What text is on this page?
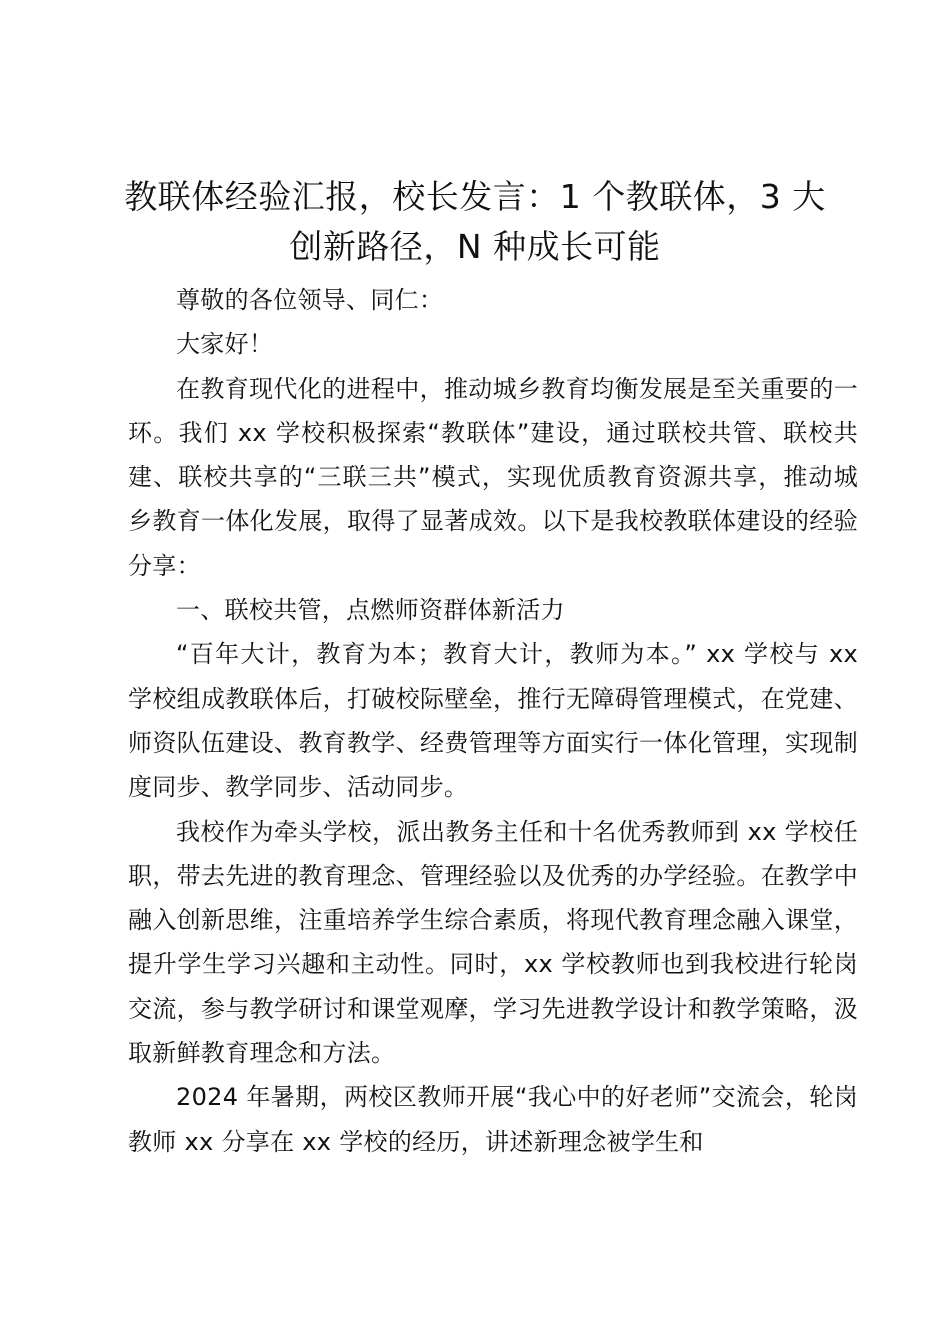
教联体经验汇报，校长发言：1 个教联体，3 大创新路径，N 种成长可能

尊敬的各位领导、同仁：

大家好！

在教育现代化的进程中，推动城乡教育均衡发展是至关重要的一环。我们 xx 学校积极探索“教联体”建设，通过联校共管、联校共建、联校共享的“三联三共”模式，实现优质教育资源共享，推动城乡教育一体化发展，取得了显著成效。以下是我校教联体建设的经验分享：

一、联校共管，点燃师资群体新活力

“百年大计，教育为本；教育大计，教师为本。” xx 学校与 xx 学校组成教联体后，打破校际壁垒，推行无障碍管理模式，在党建、师资队伍建设、教育教学、经费管理等方面实行一体化管理，实现制度同步、教学同步、活动同步。

我校作为牵头学校，派出教务主任和十名优秀教师到 xx 学校任职，带去先进的教育理念、管理经验以及优秀的办学经验。在教学中融入创新思维，注重培养学生综合素质，将现代教育理念融入课堂，提升学生学习兴趣和主动性。同时，xx 学校教师也到我校进行轮岗交流，参与教学研讨和课堂观摩，学习先进教学设计和教学策略，汲取新鲜教育理念和方法。

2024 年暑期，两校区教师开展“我心中的好老师”交流会，轮岗教师 xx 分享在 xx 学校的经历，讲述新理念被学生和
